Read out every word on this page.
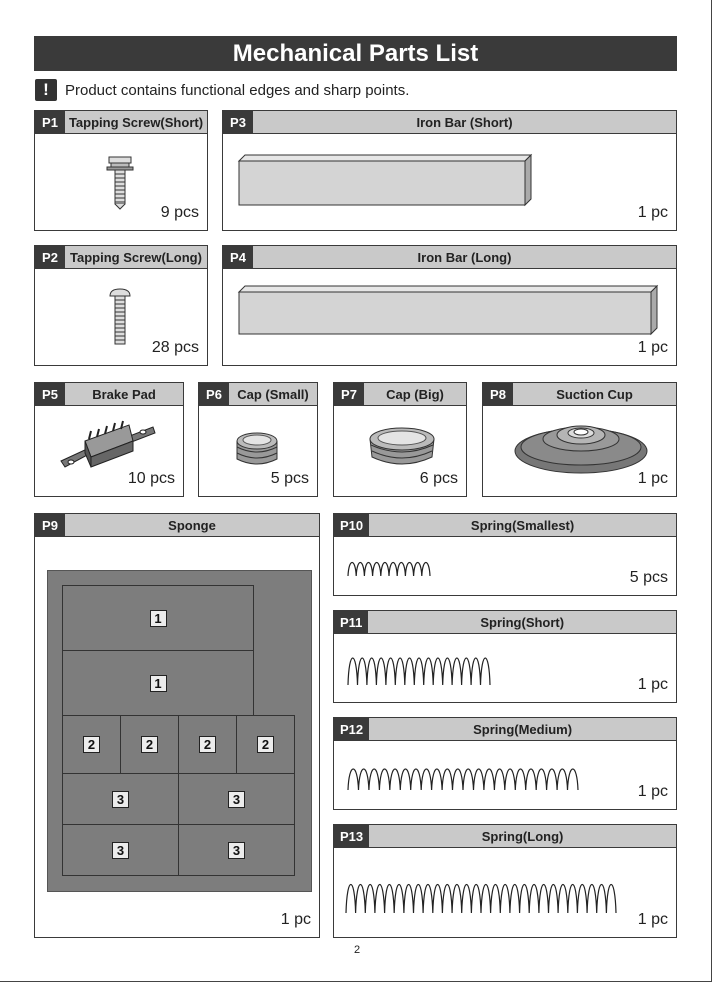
Mechanical Parts List
!	Product contains functional edges and sharp points.
P1 Tapping Screw(Short)
9 pcs
P2 Tapping Screw(Long)
28 pcs
P3	Iron Bar (Short)
1 pc
P4	Iron Bar (Long)
1 pc
P5	Brake Pad
10 pcs
P6	Cap (Small)
5 pcs
P7	Cap (Big)
6 pcs
P8	Suction Cup
1 pc
P9	Sponge
1
1
2	2	2	2
3	3
3	3
1 pc
P10	Spring(Smallest)
5 pcs
P11	Spring(Short)
1 pc
P12	Spring(Medium)
1 pc
P13	Spring(Long)
1 pc
2
